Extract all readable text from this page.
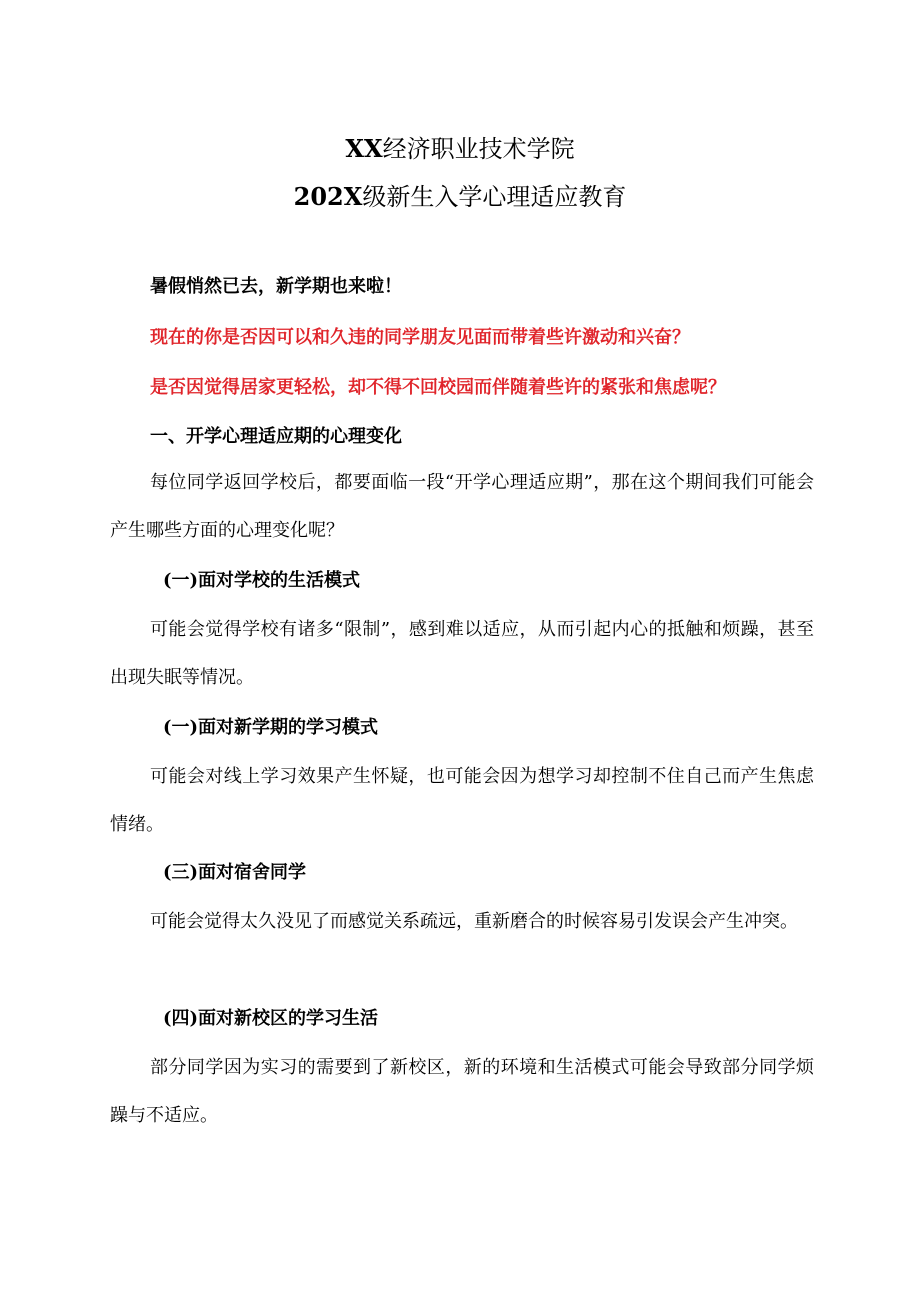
XX经济职业技术学院
202X级新生入学心理适应教育
暑假悄然已去，新学期也来啦！
现在的你是否因可以和久违的同学朋友见面而带着些许激动和兴奋？
是否因觉得居家更轻松，却不得不回校园而伴随着些许的紧张和焦虑呢？
一、开学心理适应期的心理变化
每位同学返回学校后，都要面临一段“开学心理适应期”，那在这个期间我们可能会产生哪些方面的心理变化呢？
(一)面对学校的生活模式
可能会觉得学校有诸多“限制”，感到难以适应，从而引起内心的抵触和烦躁，甚至出现失眠等情况。
(一)面对新学期的学习模式
可能会对线上学习效果产生怀疑，也可能会因为想学习却控制不住自己而产生焦虑情绪。
(三)面对宿舍同学
可能会觉得太久没见了而感觉关系疏远，重新磨合的时候容易引发误会产生冲突。
(四)面对新校区的学习生活
部分同学因为实习的需要到了新校区，新的环境和生活模式可能会导致部分同学烦躁与不适应。
